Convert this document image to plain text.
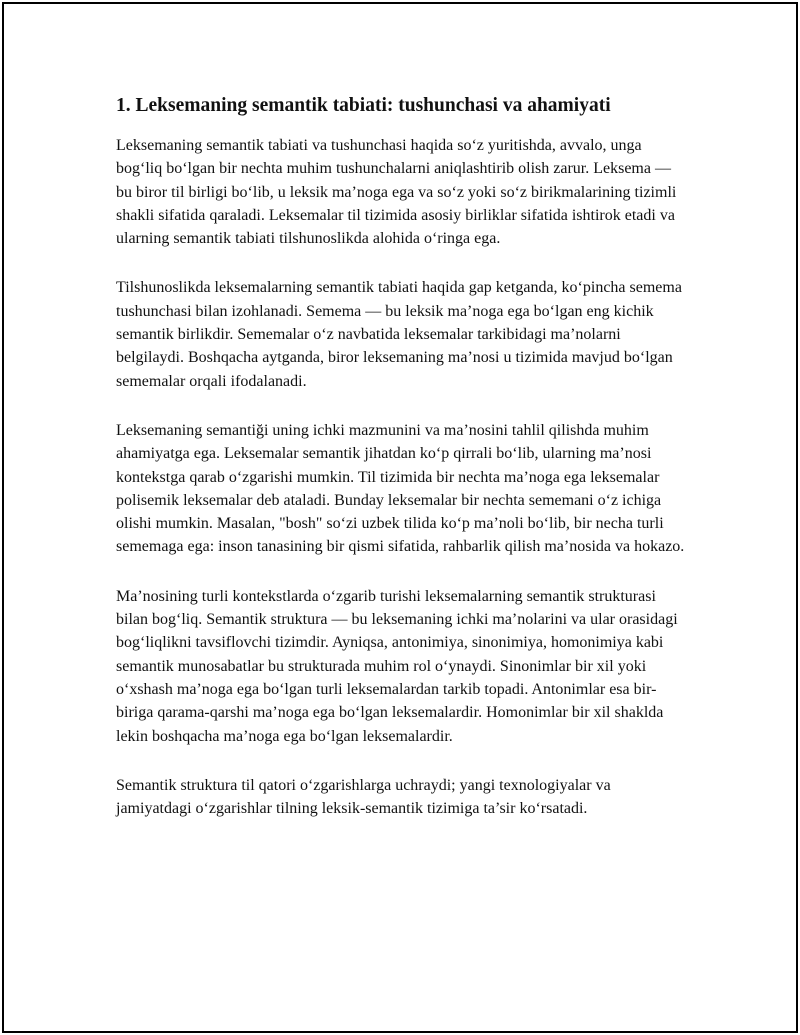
1. Leksemaning semantik tabiati: tushunchasi va ahamiyati

Leksemaning semantik tabiati va tushunchasi haqida so‘z yuritishda, avvalo, unga bog‘liq bo‘lgan bir nechta muhim tushunchalarni aniqlashtirib olish zarur. Leksema — bu biror til birligi bo‘lib, u leksik ma’noga ega va so‘z yoki so‘z birikmalarining tizimli shakli sifatida qaraladi. Leksemalar til tizimida asosiy birliklar sifatida ishtirok etadi va ularning semantik tabiati tilshunoslikda alohida o‘ringa ega.

Tilshunoslikda leksemalarning semantik tabiati haqida gap ketganda, ko‘pincha sememа tushunchasi bilan izohlanadi. Semema — bu leksik ma’noga ega bo‘lgan eng kichik semantik birlikdir. Sememalar o‘z navbatida leksemalar tarkibidagi ma’nolarni belgilaydi. Boshqacha aytganda, biror leksemaning ma’nosi u tizimida mavjud bo‘lgan sememalar orqali ifodalanadi.

Leksemaning semantiği uning ichki mazmunini va ma’nosini tahlil qilishda muhim ahamiyatga ega. Leksemalar semantik jihatdan ko‘p qirrali bo‘lib, ularning ma’nosi kontekstga qarab o‘zgarishi mumkin. Til tizimida bir nechta ma’noga ega leksemalar polisemik leksemalar deb ataladi. Bunday leksemalar bir nechta sememani o‘z ichiga olishi mumkin. Masalan, "bosh" so‘zi uzbek tilida ko‘p ma’noli bo‘lib, bir necha turli sememaga ega: inson tanasining bir qismi sifatida, rahbarlik qilish ma’nosida va hokazo.

Ma’nosining turli kontekstlarda o‘zgarib turishi leksemalarning semantik strukturasi bilan bog‘liq. Semantik struktura — bu leksemaning ichki ma’nolarini va ular orasidagi bog‘liqlikni tavsiflovchi tizimdir. Ayniqsa, antonimiya, sinonimiya, homonimiya kabi semantik munosabatlar bu strukturada muhim rol o‘ynaydi. Sinonimlar bir xil yoki o‘xshash ma’noga ega bo‘lgan turli leksemalardan tarkib topadi. Antonimlar esa bir-biriga qarama-qarshi ma’noga ega bo‘lgan leksemalardir. Homonimlar bir xil shaklda lekin boshqacha ma’noga ega bo‘lgan leksemalardir.

Semantik struktura til qatori o‘zgarishlarga uchraydi; yangi texnologiyalar va jamiyatdagi o‘zgarishlar tilning leksik-semantik tizimiga ta’sir ko‘rsatadi.
